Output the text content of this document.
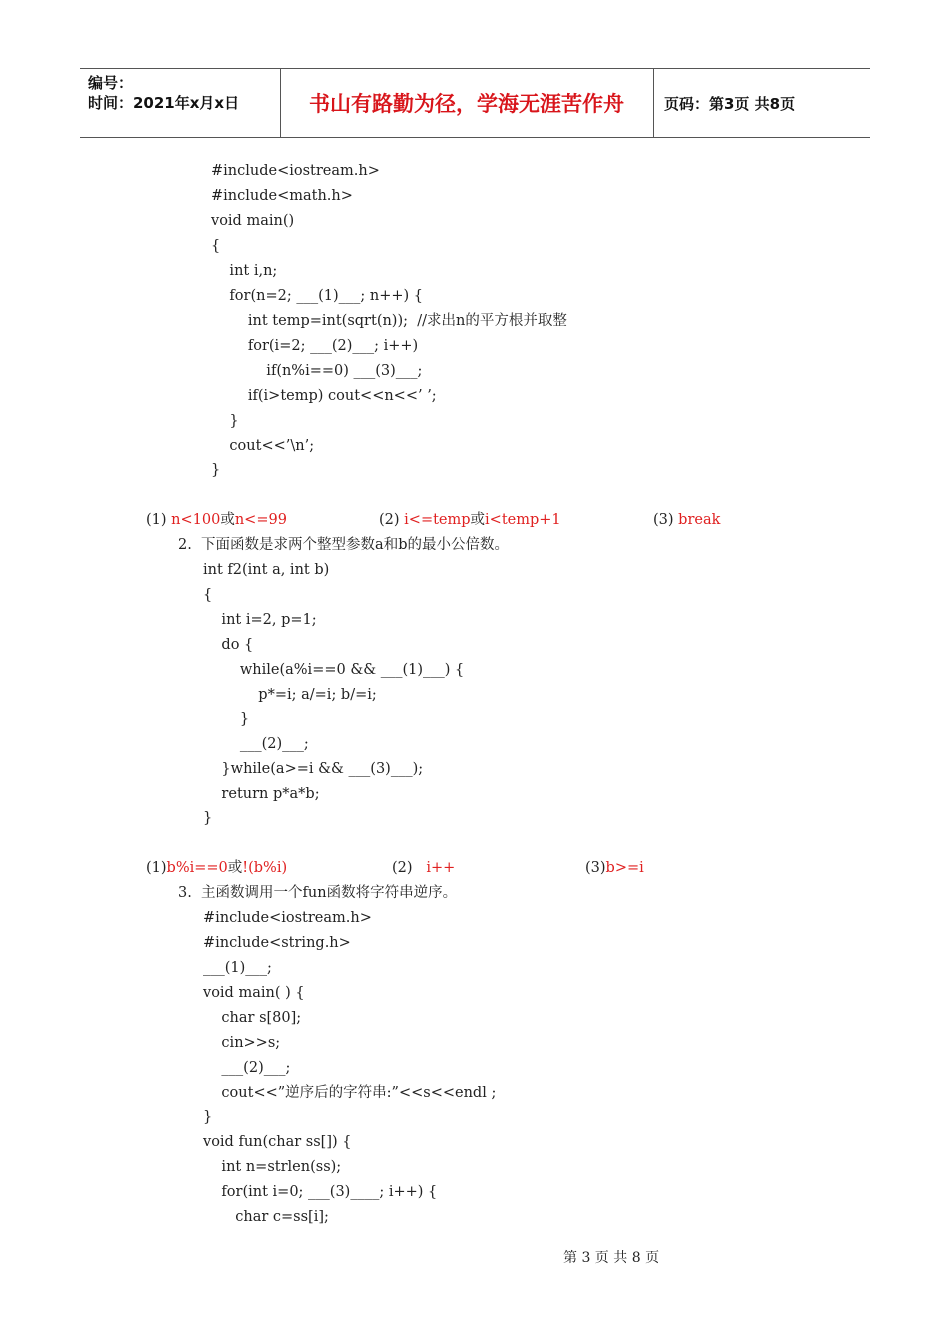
编号：
时间：2021年x月x日	书山有路勤为径，学海无涯苦作舟	页码：第3页 共8页
#include<iostream.h>
#include<math.h>
void main()
{
int i,n;
for(n=2; ___(1)___; n++) {
int temp=int(sqrt(n));  //求出n的平方根并取整
for(i=2; ___(2)___; i++)
if(n%i==0) ___(3)___;
if(i>temp) cout<<n<<’ ’;
}
cout<<’\n’;
}
(1) n<100或n<=99	(2) i<=temp或i<temp+1	(3) break
2.  下面函数是求两个整型参数a和b的最小公倍数。
int f2(int a, int b)
{
int i=2, p=1;
do {
while(a%i==0 && ___(1)___) {
p*=i; a/=i; b/=i;
}
___(2)___;
}while(a>=i && ___(3)___);
return p*a*b;
}
(1)b%i==0或!(b%i)	(2) i++	(3)b>=i
3.  主函数调用一个fun函数将字符串逆序。
#include<iostream.h>
#include<string.h>
___(1)___;
void main( ) {
char s[80];
cin>>s;
___(2)___;
cout<<”逆序后的字符串:”<<s<<endl ;
}
void fun(char ss[]) {
int n=strlen(ss);
for(int i=0; ___(3)____; i++) {
char c=ss[i];
第 3 页 共 8 页
